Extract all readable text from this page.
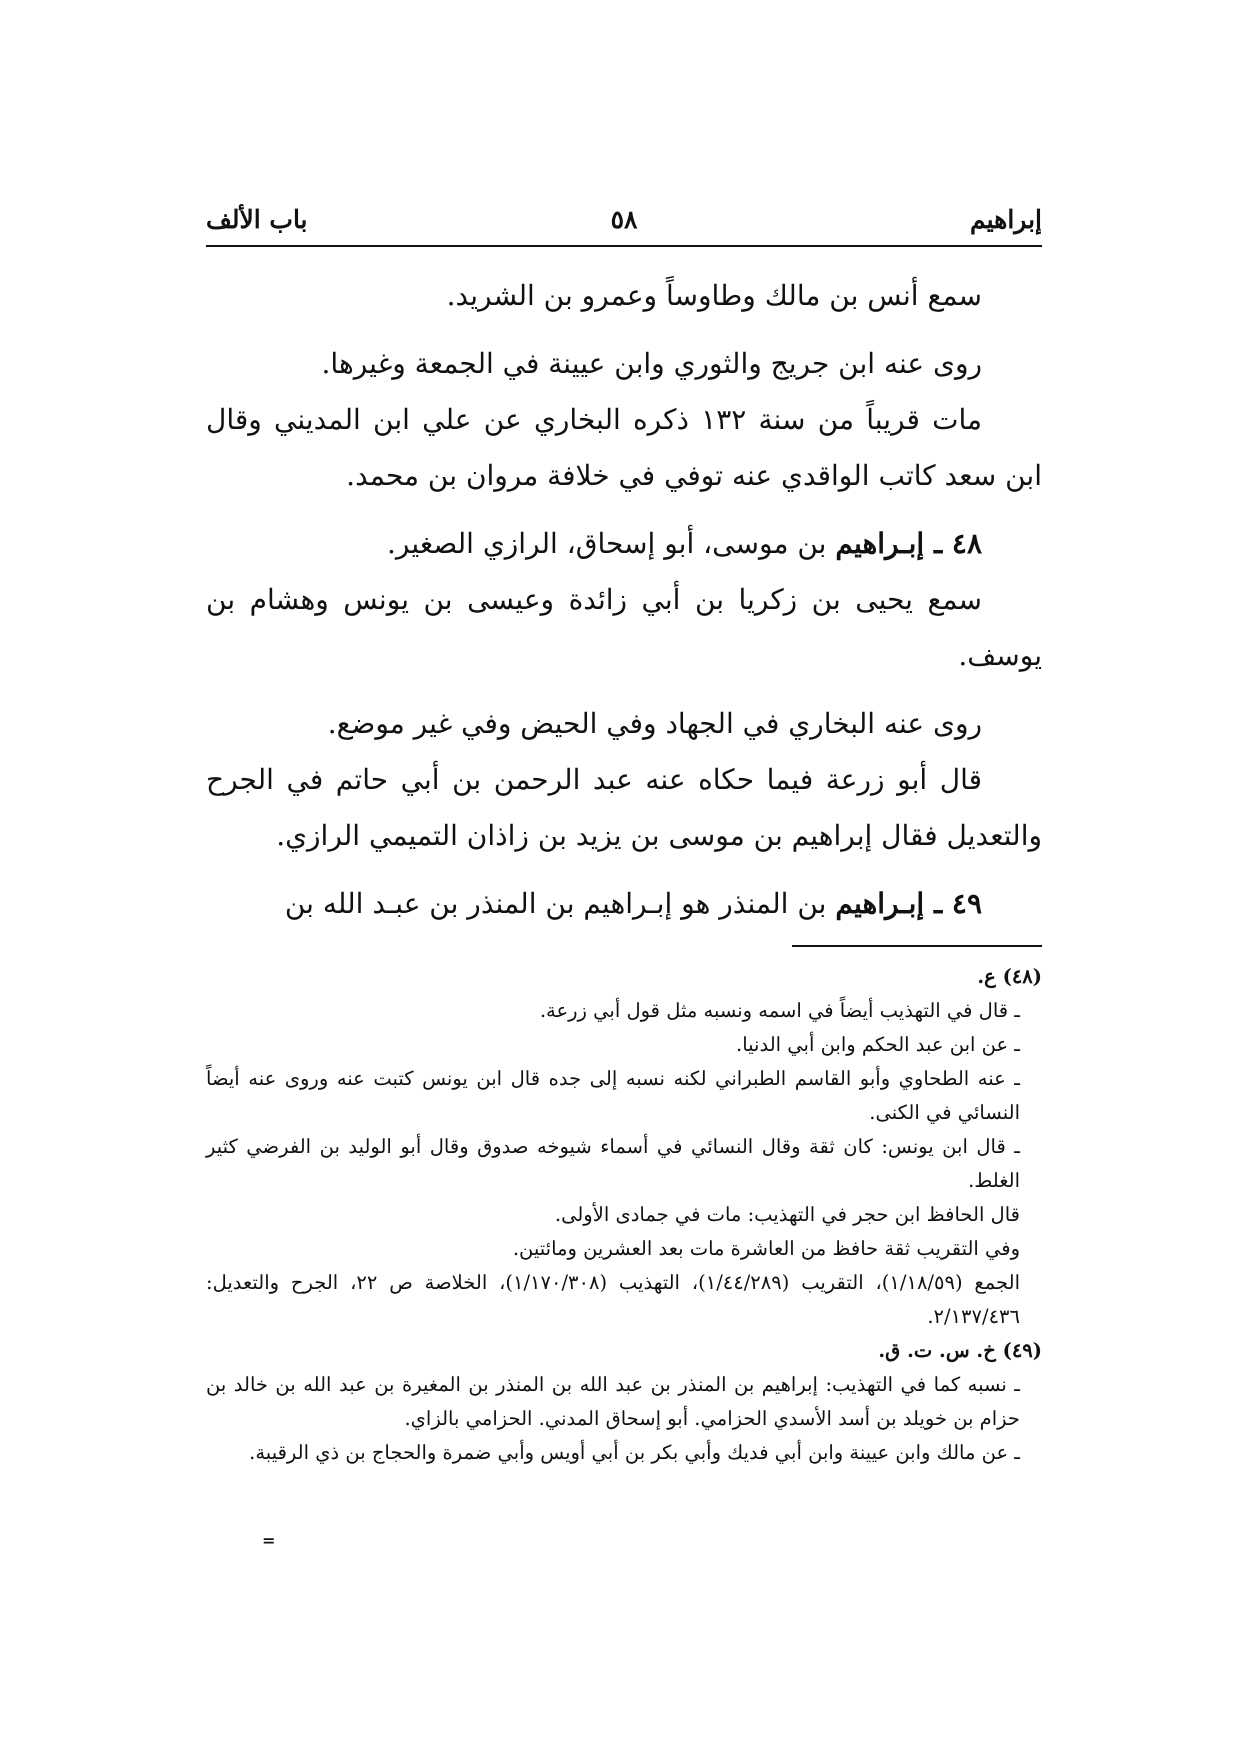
إبراهيم
٥٨
باب الألف

سمع أنس بن مالك وطاوساً وعمرو بن الشريد.

روى عنه ابن جريج والثوري وابن عيينة في الجمعة وغيرها.

مات قريباً من سنة ١٣٢ ذكره البخاري عن علي ابن المديني وقال ابن سعد كاتب الواقدي عنه توفي في خلافة مروان بن محمد.

٤٨ ـ إبـراهيم بن موسى، أبو إسحاق، الرازي الصغير.

سمع يحيى بن زكريا بن أبي زائدة وعيسى بن يونس وهشام بن يوسف.

روى عنه البخاري في الجهاد وفي الحيض وفي غير موضع.

قال أبو زرعة فيما حكاه عنه عبد الرحمن بن أبي حاتم في الجرح والتعديل فقال إبراهيم بن موسى بن يزيد بن زاذان التميمي الرازي.

٤٩ ـ إبـراهيم بن المنذر هو إبـراهيم بن المنذر بن عبـد الله بن

(٤٨) ع.

ـ قال في التهذيب أيضاً في اسمه ونسبه مثل قول أبي زرعة.

ـ عن ابن عبد الحكم وابن أبي الدنيا.

ـ عنه الطحاوي وأبو القاسم الطبراني لكنه نسبه إلى جده قال ابن يونس كتبت عنه وروى عنه أيضاً النسائي في الكنى.

ـ قال ابن يونس: كان ثقة وقال النسائي في أسماء شيوخه صدوق وقال أبو الوليد بن الفرضي كثير الغلط.

قال الحافظ ابن حجر في التهذيب: مات في جمادى الأولى.

وفي التقريب ثقة حافظ من العاشرة مات بعد العشرين ومائتين.

الجمع (١/١٨/٥٩)، التقريب (١/٤٤/٢٨٩)، التهذيب (١/١٧٠/٣٠٨)، الخلاصة ص ٢٢، الجرح والتعديل: ٢/١٣٧/٤٣٦.

(٤٩) خ. س. ت. ق.

ـ نسبه كما في التهذيب: إبراهيم بن المنذر بن عبد الله بن المنذر بن المغيرة بن عبد الله بن خالد بن حزام بن خويلد بن أسد الأسدي الحزامي. أبو إسحاق المدني. الحزامي بالزاي.

ـ عن مالك وابن عيينة وابن أبي فديك وأبي بكر بن أبي أويس وأبي ضمرة والحجاج بن ذي الرقيبة.

=
